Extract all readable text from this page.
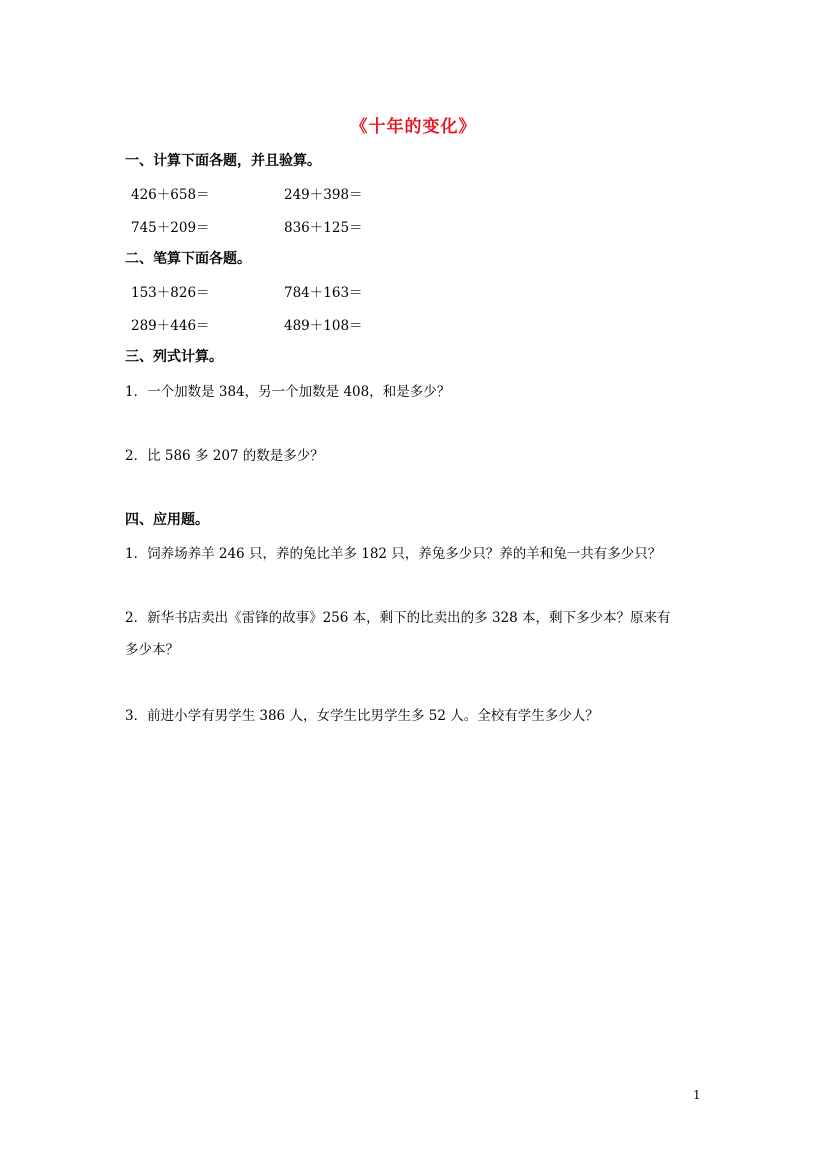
《十年的变化》
一、计算下面各题，并且验算。
426＋658＝	249＋398＝
745＋209＝	836＋125＝
二、笔算下面各题。
153＋826＝	784＋163＝
289＋446＝	489＋108＝
三、列式计算。
1．一个加数是 384，另一个加数是 408，和是多少？
2．比 586 多 207 的数是多少？
四、应用题。
1．饲养场养羊 246 只，养的兔比羊多 182 只，养兔多少只？养的羊和兔一共有多少只？
2．新华书店卖出《雷锋的故事》256 本，剩下的比卖出的多 328 本，剩下多少本？原来有
多少本？
3．前进小学有男学生 386 人，女学生比男学生多 52 人。全校有学生多少人？
1
